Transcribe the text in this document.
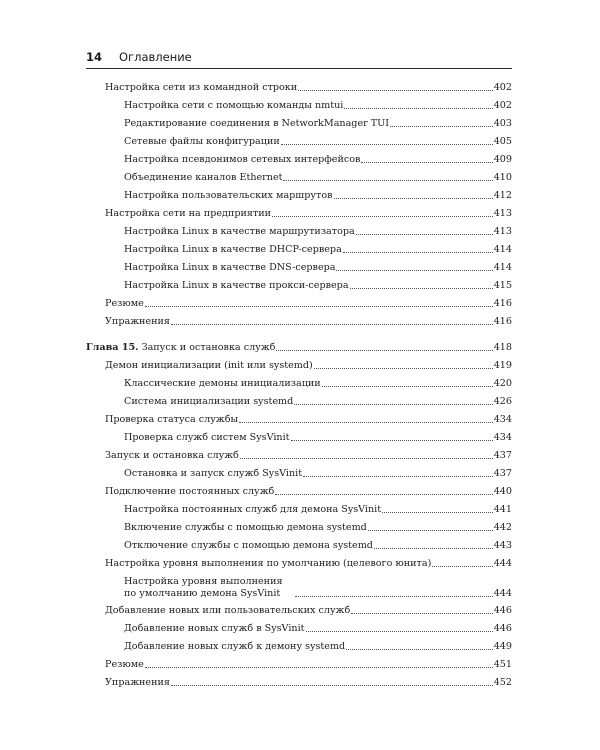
14 Оглавление
Настройка сети из командной строки	402
Настройка сети с помощью команды nmtui	402
Редактирование соединения в NetworkManager TUI	403
Сетевые файлы конфигурации	405
Настройка псевдонимов сетевых интерфейсов	409
Объединение каналов Ethernet	410
Настройка пользовательских маршрутов	412
Настройка сети на предприятии	413
Настройка Linux в качестве маршрутизатора	413
Настройка Linux в качестве DHCP-сервера	414
Настройка Linux в качестве DNS-сервера	414
Настройка Linux в качестве прокси-сервера	415
Резюме	416
Упражнения	416
Глава 15. Запуск и остановка служб	418
Демон инициализации (init или systemd)	419
Классические демоны инициализации	420
Система инициализации systemd	426
Проверка статуса службы	434
Проверка служб систем SysVinit	434
Запуск и остановка служб	437
Остановка и запуск служб SysVinit	437
Подключение постоянных служб	440
Настройка постоянных служб для демона SysVinit	441
Включение службы с помощью демона systemd	442
Отключение службы с помощью демона systemd	443
Настройка уровня выполнения по умолчанию (целевого юнита)	444
Настройка уровня выполнения по умолчанию демона SysVinit	444
Добавление новых или пользовательских служб	446
Добавление новых служб в SysVinit	446
Добавление новых служб к демону systemd	449
Резюме	451
Упражнения	452
